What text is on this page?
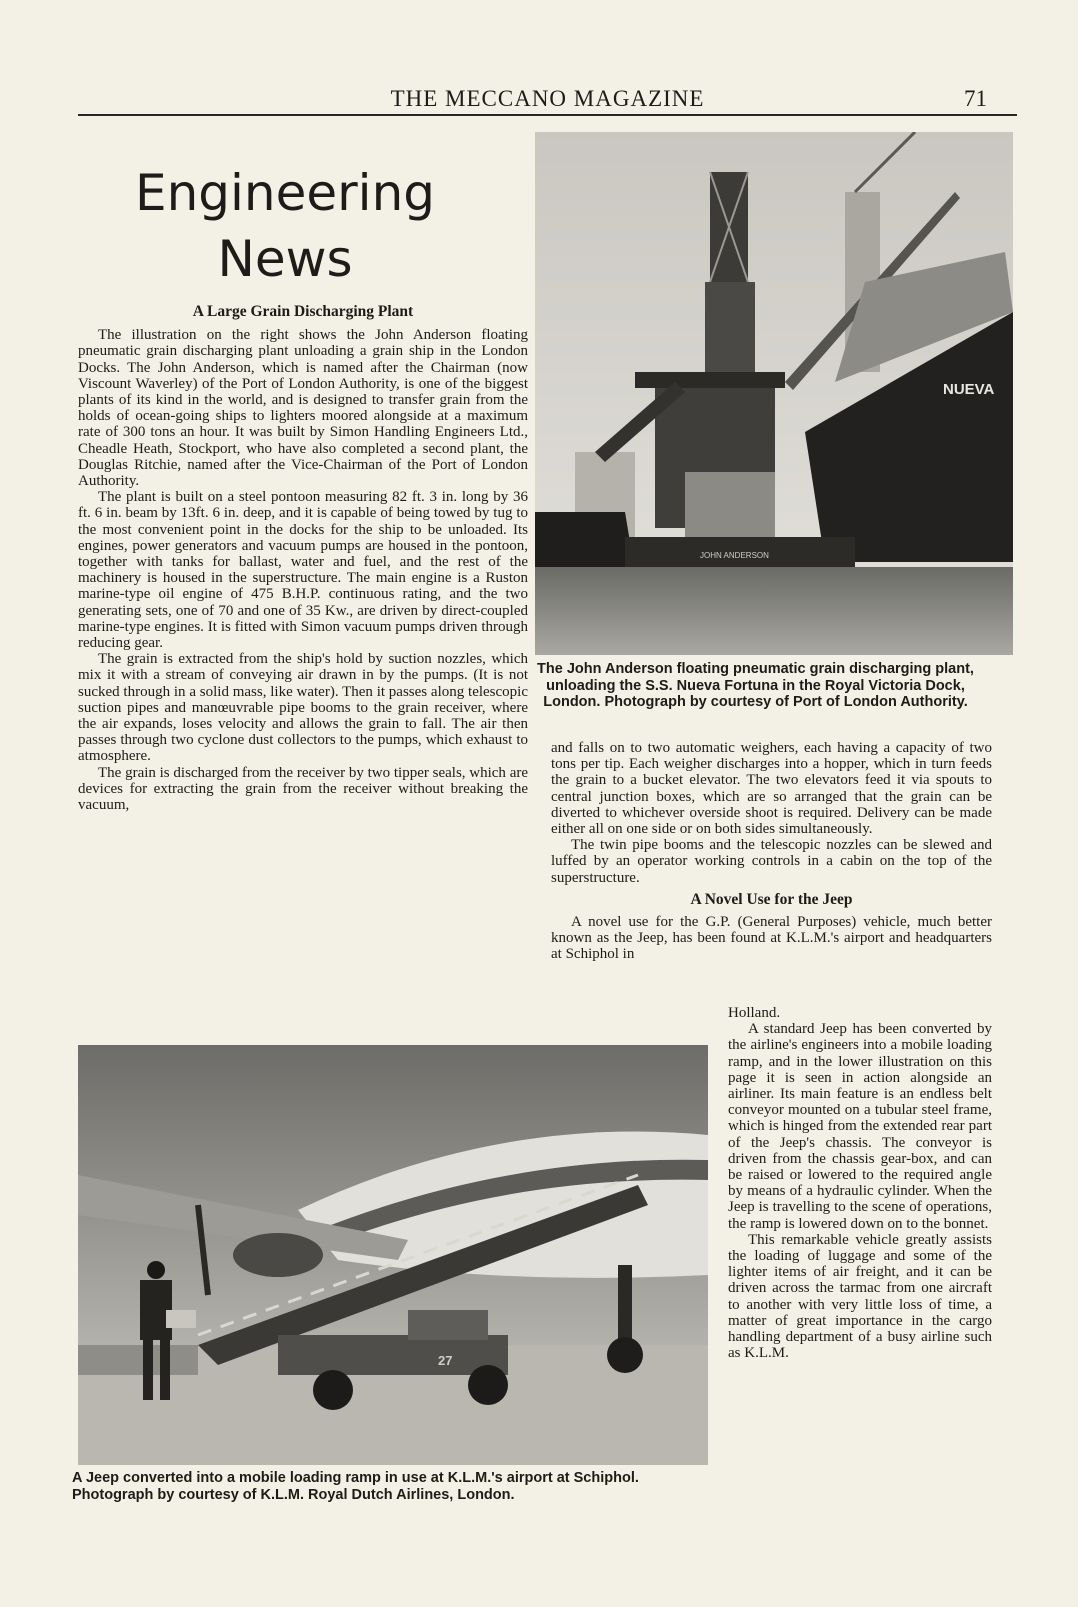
THE MECCANO MAGAZINE	71
Engineering
News
A Large Grain Discharging Plant

The illustration on the right shows the John Anderson floating pneumatic grain discharging plant unloading a grain ship in the London Docks. The John Anderson, which is named after the Chairman (now Viscount Waverley) of the Port of London Authority, is one of the biggest plants of its kind in the world, and is designed to transfer grain from the holds of ocean-going ships to lighters moored alongside at a maximum rate of 300 tons an hour. It was built by Simon Handling Engineers Ltd., Cheadle Heath, Stockport, who have also completed a second plant, the Douglas Ritchie, named after the Vice-Chairman of the Port of London Authority.

The plant is built on a steel pontoon measuring 82 ft. 3 in. long by 36 ft. 6 in. beam by 13ft. 6 in. deep, and it is capable of being towed by tug to the most convenient point in the docks for the ship to be unloaded. Its engines, power generators and vacuum pumps are housed in the pontoon, together with tanks for ballast, water and fuel, and the rest of the machinery is housed in the superstructure. The main engine is a Ruston marine-type oil engine of 475 B.H.P. continuous rating, and the two generating sets, one of 70 and one of 35 Kw., are driven by direct-coupled marine-type engines. It is fitted with Simon vacuum pumps driven through reducing gear.

The grain is extracted from the ship's hold by suction nozzles, which mix it with a stream of conveying air drawn in by the pumps. (It is not sucked through in a solid mass, like water). Then it passes along telescopic suction pipes and manœuvrable pipe booms to the grain receiver, where the air expands, loses velocity and allows the grain to fall. The air then passes through two cyclone dust collectors to the pumps, which exhaust to atmosphere.

The grain is discharged from the receiver by two tipper seals, which are devices for extracting the grain from the receiver without breaking the vacuum,

NUEVA
JOHN ANDERSON
The John Anderson floating pneumatic grain discharging plant, unloading the S.S. Nueva Fortuna in the Royal Victoria Dock, London. Photograph by courtesy of Port of London Authority.

and falls on to two automatic weighers, each having a capacity of two tons per tip. Each weigher discharges into a hopper, which in turn feeds the grain to a bucket elevator. The two elevators feed it via spouts to central junction boxes, which are so arranged that the grain can be diverted to whichever overside shoot is required. Delivery can be made either all on one side or on both sides simultaneously.

The twin pipe booms and the telescopic nozzles can be slewed and luffed by an operator working controls in a cabin on the top of the superstructure.

A Novel Use for the Jeep

A novel use for the G.P. (General Purposes) vehicle, much better known as the Jeep, has been found at K.L.M.'s airport and headquarters at Schiphol in

Holland.

A standard Jeep has been converted by the airline's engineers into a mobile loading ramp, and in the lower illustration on this page it is seen in action alongside an airliner. Its main feature is an endless belt conveyor mounted on a tubular steel frame, which is hinged from the extended rear part of the Jeep's chassis. The conveyor is driven from the chassis gear-box, and can be raised or lowered to the required angle by means of a hydraulic cylinder. When the Jeep is travelling to the scene of operations, the ramp is lowered down on to the bonnet.

This remarkable vehicle greatly assists the loading of luggage and some of the lighter items of air freight, and it can be driven across the tarmac from one aircraft to another with very little loss of time, a matter of great importance in the cargo handling department of a busy airline such as K.L.M.

27
A Jeep converted into a mobile loading ramp in use at K.L.M.'s airport at Schiphol. Photograph by courtesy of K.L.M. Royal Dutch Airlines, London.
